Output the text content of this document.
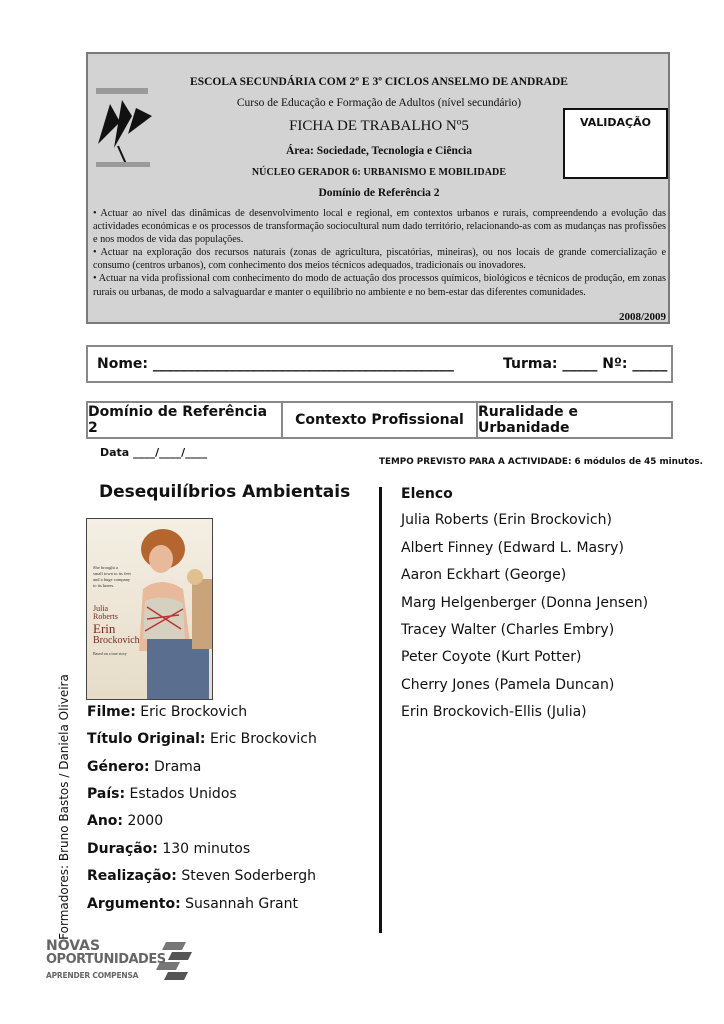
ESCOLA SECUNDÁRIA COM 2º E 3º CICLOS ANSELMO DE ANDRADE
Curso de Educação e Formação de Adultos (nível secundário)
FICHA DE TRABALHO Nº5
Área: Sociedade, Tecnologia e Ciência
NÚCLEO GERADOR 6: URBANISMO E MOBILIDADE
Domínio de Referência 2
VALIDAÇÃO

• Actuar ao nível das dinâmicas de desenvolvimento local e regional, em contextos urbanos e rurais, compreendendo a evolução das actividades económicas e os processos de transformação sociocultural num dado território, relacionando-as com as mudanças nas profissões e nos modos de vida das populações.

• Actuar na exploração dos recursos naturais (zonas de agricultura, piscatórias, mineiras), ou nos locais de grande comercialização e consumo (centros urbanos), com conhecimento dos meios técnicos adequados, tradicionais ou inovadores.

• Actuar na vida profissional com conhecimento do modo de actuação dos processos químicos, biológicos e técnicos de produção, em zonas rurais ou urbanas, de modo a salvaguardar e manter o equilíbrio no ambiente e no bem-estar das diferentes comunidades.

2008/2009
Nome: ___________________________________________	Turma: _____ Nº: _____
Domínio de Referência 2	Contexto Profissional	Ruralidade e Urbanidade
Data ____/____/____
TEMPO PREVISTO PARA A ACTIVIDADE: 6 módulos de 45 minutos.
Desequilíbrios Ambientais
She brought a
small town to its feet
and a huge company
to its knees.
Julia
Roberts
Erin
Brockovich
Based on a true story
Filme: Eric Brockovich
Título Original: Eric Brockovich
Género: Drama
País: Estados Unidos
Ano: 2000
Duração: 130 minutos
Realização: Steven Soderbergh
Argumento: Susannah Grant
Elenco
Julia Roberts (Erin Brockovich)
Albert Finney (Edward L. Masry)
Aaron Eckhart (George)
Marg Helgenberger (Donna Jensen)
Tracey Walter (Charles Embry)
Peter Coyote (Kurt Potter)
Cherry Jones (Pamela Duncan)
Erin Brockovich-Ellis (Julia)
Formadores: Bruno Bastos / Daniela Oliveira
NOVAS
OPORTUNIDADES
APRENDER COMPENSA
